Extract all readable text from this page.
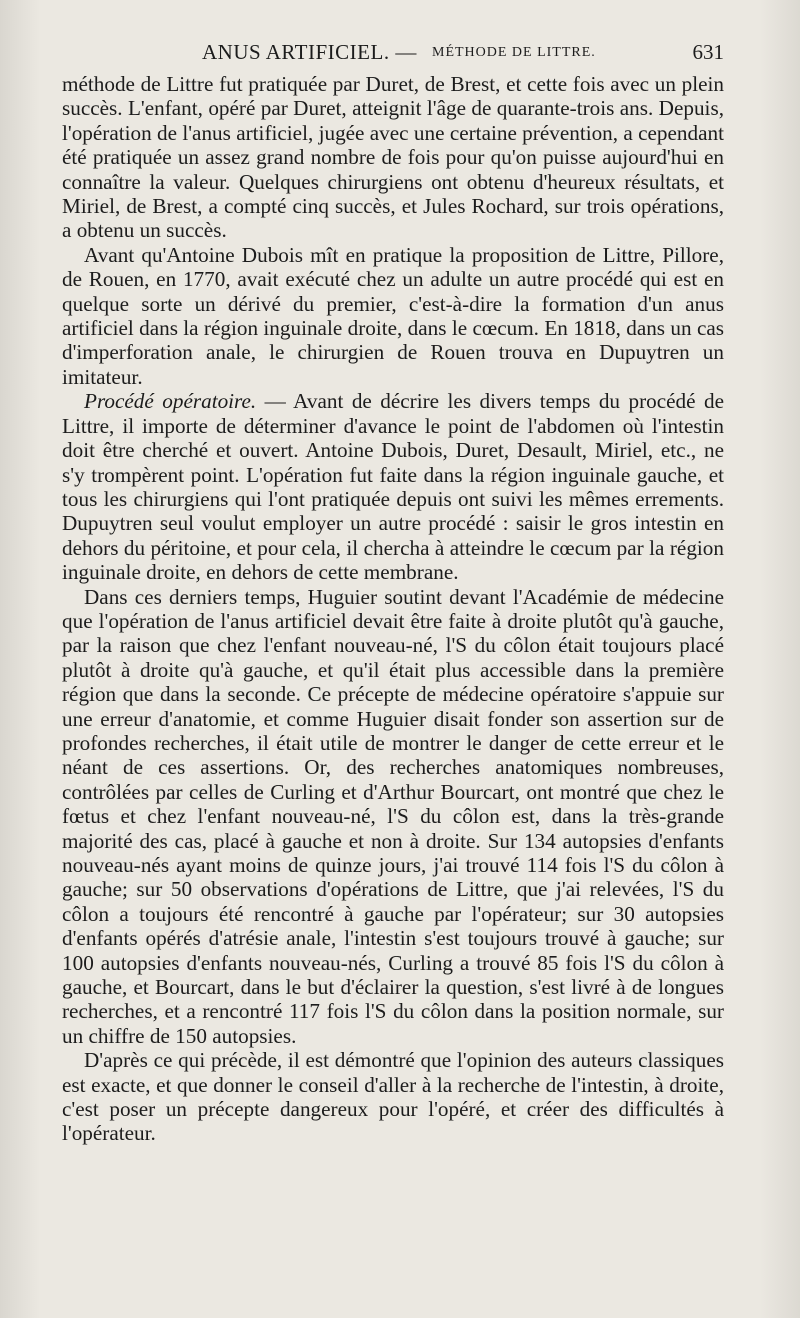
ANUS ARTIFICIEL. — MÉTHODE DE LITTRE.	631

méthode de Littre fut pratiquée par Duret, de Brest, et cette fois avec un plein succès. L'enfant, opéré par Duret, atteignit l'âge de quarante-trois ans. Depuis, l'opération de l'anus artificiel, jugée avec une certaine prévention, a cependant été pratiquée un assez grand nombre de fois pour qu'on puisse aujourd'hui en connaître la valeur. Quelques chirurgiens ont obtenu d'heureux résultats, et Miriel, de Brest, a compté cinq succès, et Jules Rochard, sur trois opérations, a obtenu un succès.

Avant qu'Antoine Dubois mît en pratique la proposition de Littre, Pillore, de Rouen, en 1770, avait exécuté chez un adulte un autre procédé qui est en quelque sorte un dérivé du premier, c'est-à-dire la formation d'un anus artificiel dans la région inguinale droite, dans le cœcum. En 1818, dans un cas d'imperforation anale, le chirurgien de Rouen trouva en Dupuytren un imitateur.

Procédé opératoire. — Avant de décrire les divers temps du procédé de Littre, il importe de déterminer d'avance le point de l'abdomen où l'intestin doit être cherché et ouvert. Antoine Dubois, Duret, Desault, Miriel, etc., ne s'y trompèrent point. L'opération fut faite dans la région inguinale gauche, et tous les chirurgiens qui l'ont pratiquée depuis ont suivi les mêmes errements. Dupuytren seul voulut employer un autre procédé : saisir le gros intestin en dehors du péritoine, et pour cela, il chercha à atteindre le cœcum par la région inguinale droite, en dehors de cette membrane.

Dans ces derniers temps, Huguier soutint devant l'Académie de médecine que l'opération de l'anus artificiel devait être faite à droite plutôt qu'à gauche, par la raison que chez l'enfant nouveau-né, l'S du côlon était toujours placé plutôt à droite qu'à gauche, et qu'il était plus accessible dans la première région que dans la seconde. Ce précepte de médecine opératoire s'appuie sur une erreur d'anatomie, et comme Huguier disait fonder son assertion sur de profondes recherches, il était utile de montrer le danger de cette erreur et le néant de ces assertions. Or, des recherches anatomiques nombreuses, contrôlées par celles de Curling et d'Arthur Bourcart, ont montré que chez le fœtus et chez l'enfant nouveau-né, l'S du côlon est, dans la très-grande majorité des cas, placé à gauche et non à droite. Sur 134 autopsies d'enfants nouveau-nés ayant moins de quinze jours, j'ai trouvé 114 fois l'S du côlon à gauche; sur 50 observations d'opérations de Littre, que j'ai relevées, l'S du côlon a toujours été rencontré à gauche par l'opérateur; sur 30 autopsies d'enfants opérés d'atrésie anale, l'intestin s'est toujours trouvé à gauche; sur 100 autopsies d'enfants nouveau-nés, Curling a trouvé 85 fois l'S du côlon à gauche, et Bourcart, dans le but d'éclairer la question, s'est livré à de longues recherches, et a rencontré 117 fois l'S du côlon dans la position normale, sur un chiffre de 150 autopsies.

D'après ce qui précède, il est démontré que l'opinion des auteurs classiques est exacte, et que donner le conseil d'aller à la recherche de l'intestin, à droite, c'est poser un précepte dangereux pour l'opéré, et créer des difficultés à l'opérateur.
